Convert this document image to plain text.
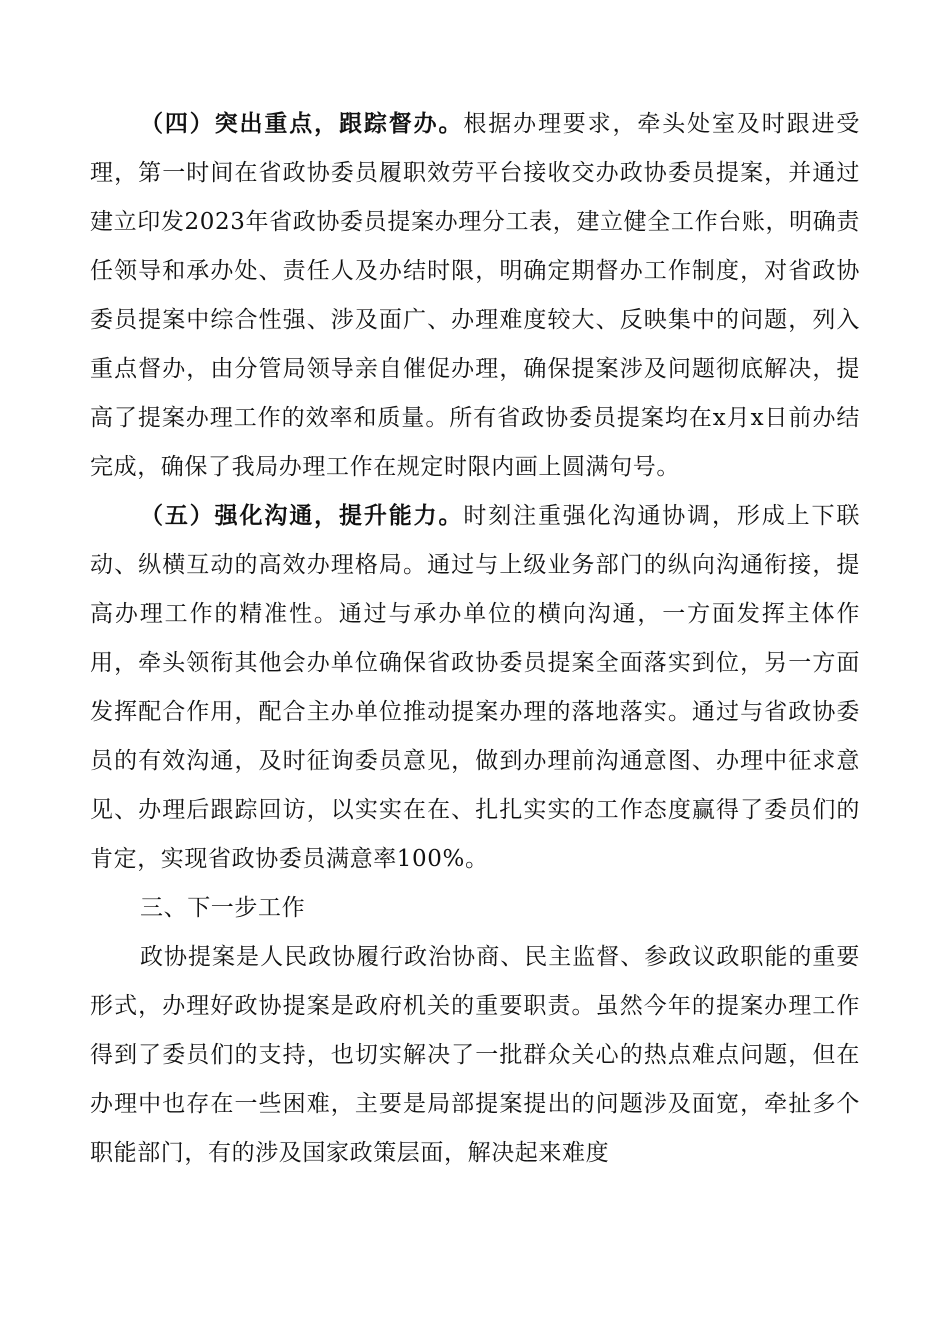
（四）突出重点，跟踪督办。根据办理要求，牵头处室及时跟进受理，第一时间在省政协委员履职效劳平台接收交办政协委员提案，并通过建立印发2023年省政协委员提案办理分工表，建立健全工作台账，明确责任领导和承办处、责任人及办结时限，明确定期督办工作制度，对省政协委员提案中综合性强、涉及面广、办理难度较大、反映集中的问题，列入重点督办，由分管局领导亲自催促办理，确保提案涉及问题彻底解决，提高了提案办理工作的效率和质量。所有省政协委员提案均在x月x日前办结完成，确保了我局办理工作在规定时限内画上圆满句号。

（五）强化沟通，提升能力。时刻注重强化沟通协调，形成上下联动、纵横互动的高效办理格局。通过与上级业务部门的纵向沟通衔接，提高办理工作的精准性。通过与承办单位的横向沟通，一方面发挥主体作用，牵头领衔其他会办单位确保省政协委员提案全面落实到位，另一方面发挥配合作用，配合主办单位推动提案办理的落地落实。通过与省政协委员的有效沟通，及时征询委员意见，做到办理前沟通意图、办理中征求意见、办理后跟踪回访，以实实在在、扎扎实实的工作态度赢得了委员们的肯定，实现省政协委员满意率100%。

三、下一步工作

政协提案是人民政协履行政治协商、民主监督、参政议政职能的重要形式，办理好政协提案是政府机关的重要职责。虽然今年的提案办理工作得到了委员们的支持，也切实解决了一批群众关心的热点难点问题，但在办理中也存在一些困难，主要是局部提案提出的问题涉及面宽，牵扯多个职能部门，有的涉及国家政策层面，解决起来难度
